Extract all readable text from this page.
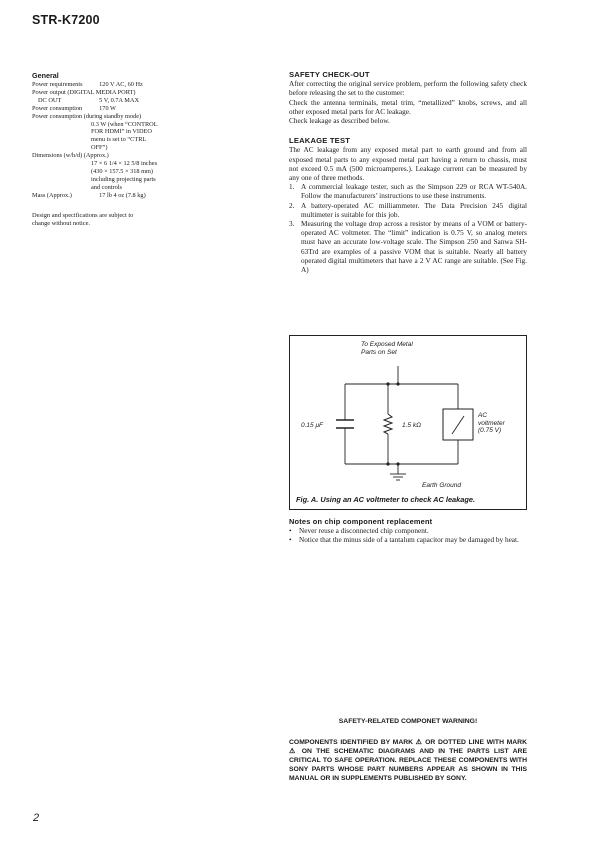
STR-K7200
General
Power requirements	120 V AC, 60 Hz
Power output (DIGITAL MEDIA PORT)	
DC OUT	5 V, 0.7A MAX
Power consumption	170 W
Power consumption (during standby mode)	
0.3 W (when “CONTROL
FOR HDMI” in VIDEO
menu is set to “CTRL
OFF”)	
Dimensions (w/h/d) (Approx.)	
17 × 6 1/4 × 12 5/8 inches
(430 × 157.5 × 318 mm)
including projecting parts
and controls	
Mass (Approx.)	17 lb 4 oz (7.8 kg)
Design and specifications are subject to
change without notice.
SAFETY CHECK-OUT

After correcting the original service problem, perform the following safety check before releasing the set to the customer:

Check the antenna terminals, metal trim, “metallized” knobs, screws, and all other exposed metal parts for AC leakage.

Check leakage as described below.

LEAKAGE TEST

The AC leakage from any exposed metal part to earth ground and from all exposed metal parts to any exposed metal part having a return to chassis, must not exceed 0.5 mA (500 microamperes.). Leakage current can be measured by any one of three methods.

1. A commercial leakage tester, such as the Simpson 229 or RCA WT-540A. Follow the manufacturers’ instructions to use these instruments.
2. A battery-operated AC milliammeter. The Data Precision 245 digital multimeter is suitable for this job.
3. Measuring the voltage drop across a resistor by means of a VOM or battery-operated AC voltmeter. The “limit” indication is 0.75 V, so analog meters must have an accurate low-voltage scale. The Simpson 250 and Sanwa SH-63Trd are examples of a passive VOM that is suitable. Nearly all battery operated digital multimeters that have a 2 V AC range are suitable. (See Fig. A)
To Exposed Metal
Parts on Set
0.15 μF	1.5 kΩ
AC
voltmeter
(0.75 V)
Earth Ground
Fig. A. Using an AC voltmeter to check AC leakage.
Notes on chip component replacement
• Never reuse a disconnected chip component.
• Notice that the minus side of a tantalum capacitor may be damaged by heat.
SAFETY-RELATED COMPONET WARNING!
COMPONENTS IDENTIFIED BY MARK ⚠ OR DOTTED LINE WITH MARK ⚠ ON THE SCHEMATIC DIAGRAMS AND IN THE PARTS LIST ARE CRITICAL TO SAFE OPERATION. REPLACE THESE COMPONENTS WITH SONY PARTS WHOSE PART NUMBERS APPEAR AS SHOWN IN THIS MANUAL OR IN SUPPLEMENTS PUBLISHED BY SONY.
2
